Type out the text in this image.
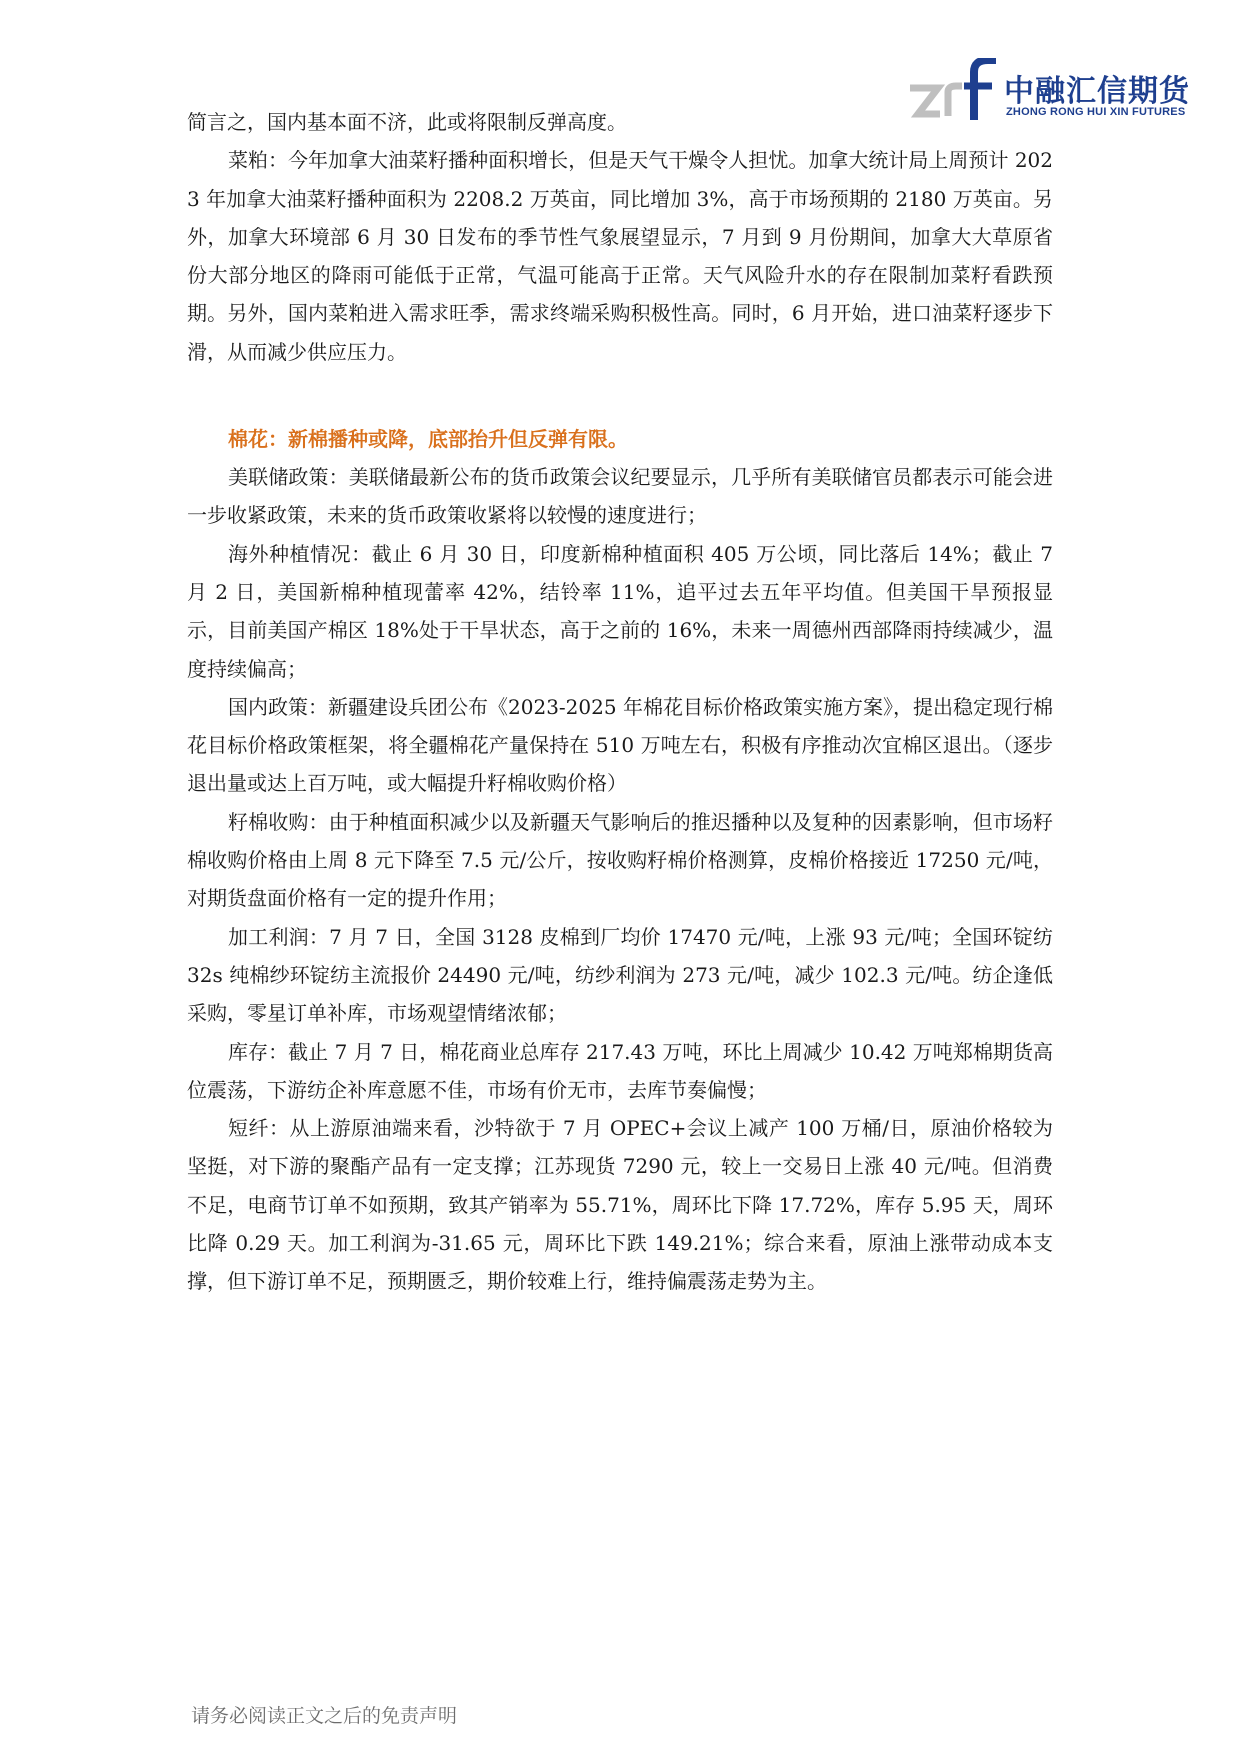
中融汇信期货
ZHONG RONG HUI XIN FUTURES

简言之，国内基本面不济，此或将限制反弹高度。

菜粕：今年加拿大油菜籽播种面积增长，但是天气干燥令人担忧。加拿大统计局上周预计 2023 年加拿大油菜籽播种面积为 2208.2 万英亩，同比增加 3%，高于市场预期的 2180 万英亩。另外，加拿大环境部 6 月 30 日发布的季节性气象展望显示，7 月到 9 月份期间，加拿大大草原省份大部分地区的降雨可能低于正常，气温可能高于正常。天气风险升水的存在限制加菜籽看跌预期。另外，国内菜粕进入需求旺季，需求终端采购积极性高。同时，6 月开始，进口油菜籽逐步下滑，从而减少供应压力。

棉花：新棉播种或降，底部抬升但反弹有限。

美联储政策：美联储最新公布的货币政策会议纪要显示，几乎所有美联储官员都表示可能会进一步收紧政策，未来的货币政策收紧将以较慢的速度进行；

海外种植情况：截止 6 月 30 日，印度新棉种植面积 405 万公顷，同比落后 14%；截止 7 月 2 日，美国新棉种植现蕾率 42%，结铃率 11%，追平过去五年平均值。但美国干旱预报显示，目前美国产棉区 18%处于干旱状态，高于之前的 16%，未来一周德州西部降雨持续减少，温度持续偏高；

国内政策：新疆建设兵团公布《2023-2025 年棉花目标价格政策实施方案》，提出稳定现行棉花目标价格政策框架，将全疆棉花产量保持在 510 万吨左右，积极有序推动次宜棉区退出。（逐步退出量或达上百万吨，或大幅提升籽棉收购价格）

籽棉收购：由于种植面积减少以及新疆天气影响后的推迟播种以及复种的因素影响，但市场籽棉收购价格由上周 8 元下降至 7.5 元/公斤，按收购籽棉价格测算，皮棉价格接近 17250 元/吨，对期货盘面价格有一定的提升作用；

加工利润：7 月 7 日，全国 3128 皮棉到厂均价 17470 元/吨，上涨 93 元/吨；全国环锭纺 32s 纯棉纱环锭纺主流报价 24490 元/吨，纺纱利润为 273 元/吨，减少 102.3 元/吨。纺企逢低采购，零星订单补库，市场观望情绪浓郁；

库存：截止 7 月 7 日，棉花商业总库存 217.43 万吨，环比上周减少 10.42 万吨郑棉期货高位震荡，下游纺企补库意愿不佳，市场有价无市，去库节奏偏慢；

短纤：从上游原油端来看，沙特欲于 7 月 OPEC+会议上减产 100 万桶/日，原油价格较为坚挺，对下游的聚酯产品有一定支撑；江苏现货 7290 元，较上一交易日上涨 40 元/吨。但消费不足，电商节订单不如预期，致其产销率为 55.71%，周环比下降 17.72%，库存 5.95 天，周环比降 0.29 天。加工利润为-31.65 元，周环比下跌 149.21%；综合来看，原油上涨带动成本支撑，但下游订单不足，预期匮乏，期价较难上行，维持偏震荡走势为主。

请务必阅读正文之后的免责声明
